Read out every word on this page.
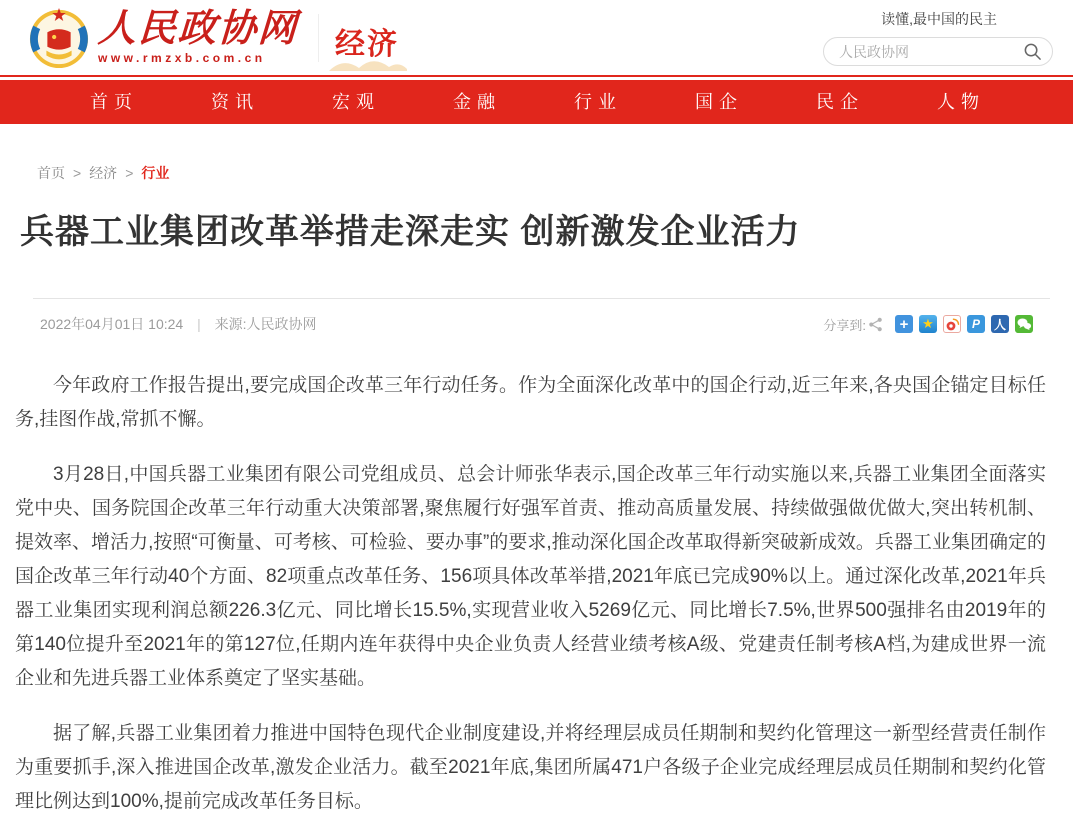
人民政协网
www.rmzxb.com.cn	经济
读懂,最中国的民主
人民政协网
首页	资讯	宏观	金融	行业	国企	民企	人物
首页 > 经济 > 行业
兵器工业集团改革举措走深走实 创新激发企业活力
2022年04月01日 10:24 | 来源:人民政协网	分享到:	+	★	P	人

今年政府工作报告提出,要完成国企改革三年行动任务。作为全面深化改革中的国企行动,近三年来,各央国企锚定目标任务,挂图作战,常抓不懈。

3月28日,中国兵器工业集团有限公司党组成员、总会计师张华表示,国企改革三年行动实施以来,兵器工业集团全面落实党中央、国务院国企改革三年行动重大决策部署,聚焦履行好强军首责、推动高质量发展、持续做强做优做大,突出转机制、提效率、增活力,按照“可衡量、可考核、可检验、要办事”的要求,推动深化国企改革取得新突破新成效。兵器工业集团确定的国企改革三年行动40个方面、82项重点改革任务、156项具体改革举措,2021年底已完成90%以上。通过深化改革,2021年兵器工业集团实现利润总额226.3亿元、同比增长15.5%,实现营业收入5269亿元、同比增长7.5%,世界500强排名由2019年的第140位提升至2021年的第127位,任期内连年获得中央企业负责人经营业绩考核A级、党建责任制考核A档,为建成世界一流企业和先进兵器工业体系奠定了坚实基础。

据了解,兵器工业集团着力推进中国特色现代企业制度建设,并将经理层成员任期制和契约化管理这一新型经营责任制作为重要抓手,深入推进国企改革,激发企业活力。截至2021年底,集团所属471户各级子企业完成经理层成员任期制和契约化管理比例达到100%,提前完成改革任务目标。
